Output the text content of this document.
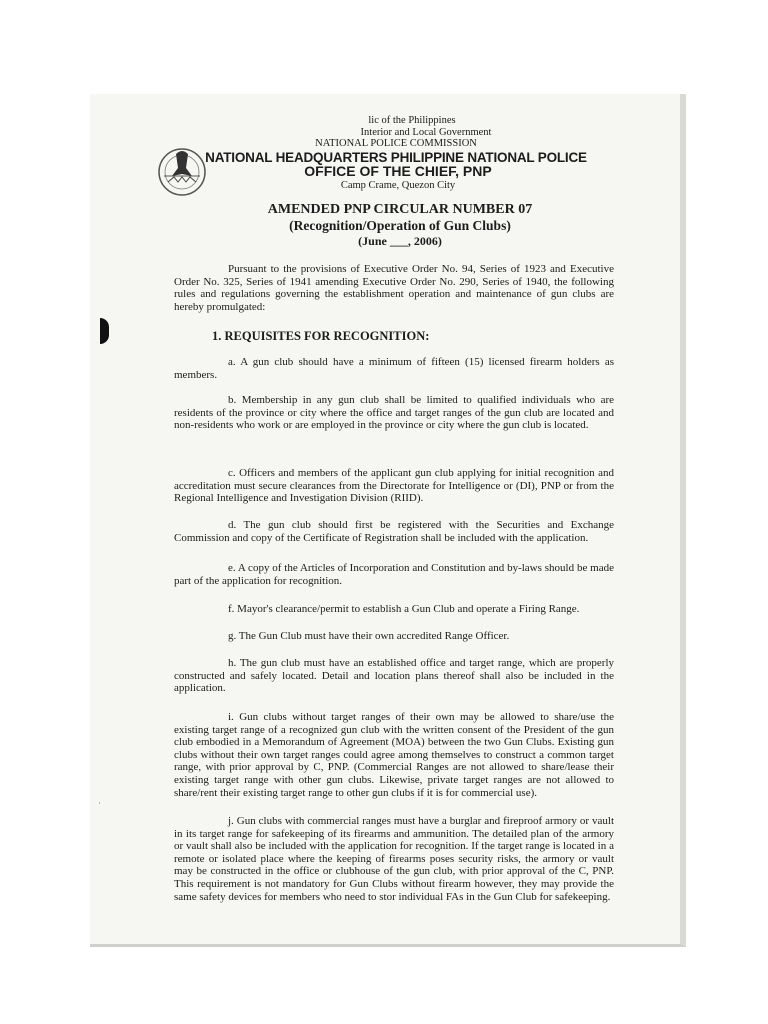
lic of the Philippines
Interior and Local Government
NATIONAL POLICE COMMISSION
NATIONAL HEADQUARTERS PHILIPPINE NATIONAL POLICE
OFFICE OF THE CHIEF, PNP
Camp Crame, Quezon City
AMENDED PNP CIRCULAR NUMBER 07
(Recognition/Operation of Gun Clubs)
(June ___, 2006)
Pursuant to the provisions of Executive Order No. 94, Series of 1923 and Executive Order No. 325, Series of 1941 amending Executive Order No. 290, Series of 1940, the following rules and regulations governing the establishment operation and maintenance of gun clubs are hereby promulgated:
1. REQUISITES FOR RECOGNITION:
a. A gun club should have a minimum of fifteen (15) licensed firearm holders as members.
b. Membership in any gun club shall be limited to qualified individuals who are residents of the province or city where the office and target ranges of the gun club are located and non-residents who work or are employed in the province or city where the gun club is located.
c. Officers and members of the applicant gun club applying for initial recognition and accreditation must secure clearances from the Directorate for Intelligence or (DI), PNP or from the Regional Intelligence and Investigation Division (RIID).
d. The gun club should first be registered with the Securities and Exchange Commission and copy of the Certificate of Registration shall be included with the application.
e. A copy of the Articles of Incorporation and Constitution and by-laws should be made part of the application for recognition.
f. Mayor's clearance/permit to establish a Gun Club and operate a Firing Range.
g. The Gun Club must have their own accredited Range Officer.
h. The gun club must have an established office and target range, which are properly constructed and safely located. Detail and location plans thereof shall also be included in the application.
i. Gun clubs without target ranges of their own may be allowed to share/use the existing target range of a recognized gun club with the written consent of the President of the gun club embodied in a Memorandum of Agreement (MOA) between the two Gun Clubs. Existing gun clubs without their own target ranges could agree among themselves to construct a common target range, with prior approval by C, PNP. (Commercial Ranges are not allowed to share/lease their existing target range with other gun clubs. Likewise, private target ranges are not allowed to share/rent their existing target range to other gun clubs if it is for commercial use).
j. Gun clubs with commercial ranges must have a burglar and fireproof armory or vault in its target range for safekeeping of its firearms and ammunition. The detailed plan of the armory or vault shall also be included with the application for recognition. If the target range is located in a remote or isolated place where the keeping of firearms poses security risks, the armory or vault may be constructed in the office or clubhouse of the gun club, with prior approval of the C, PNP. This requirement is not mandatory for Gun Clubs without firearm however, they may provide the same safety devices for members who need to stor individual FAs in the Gun Club for safekeeping.
·
